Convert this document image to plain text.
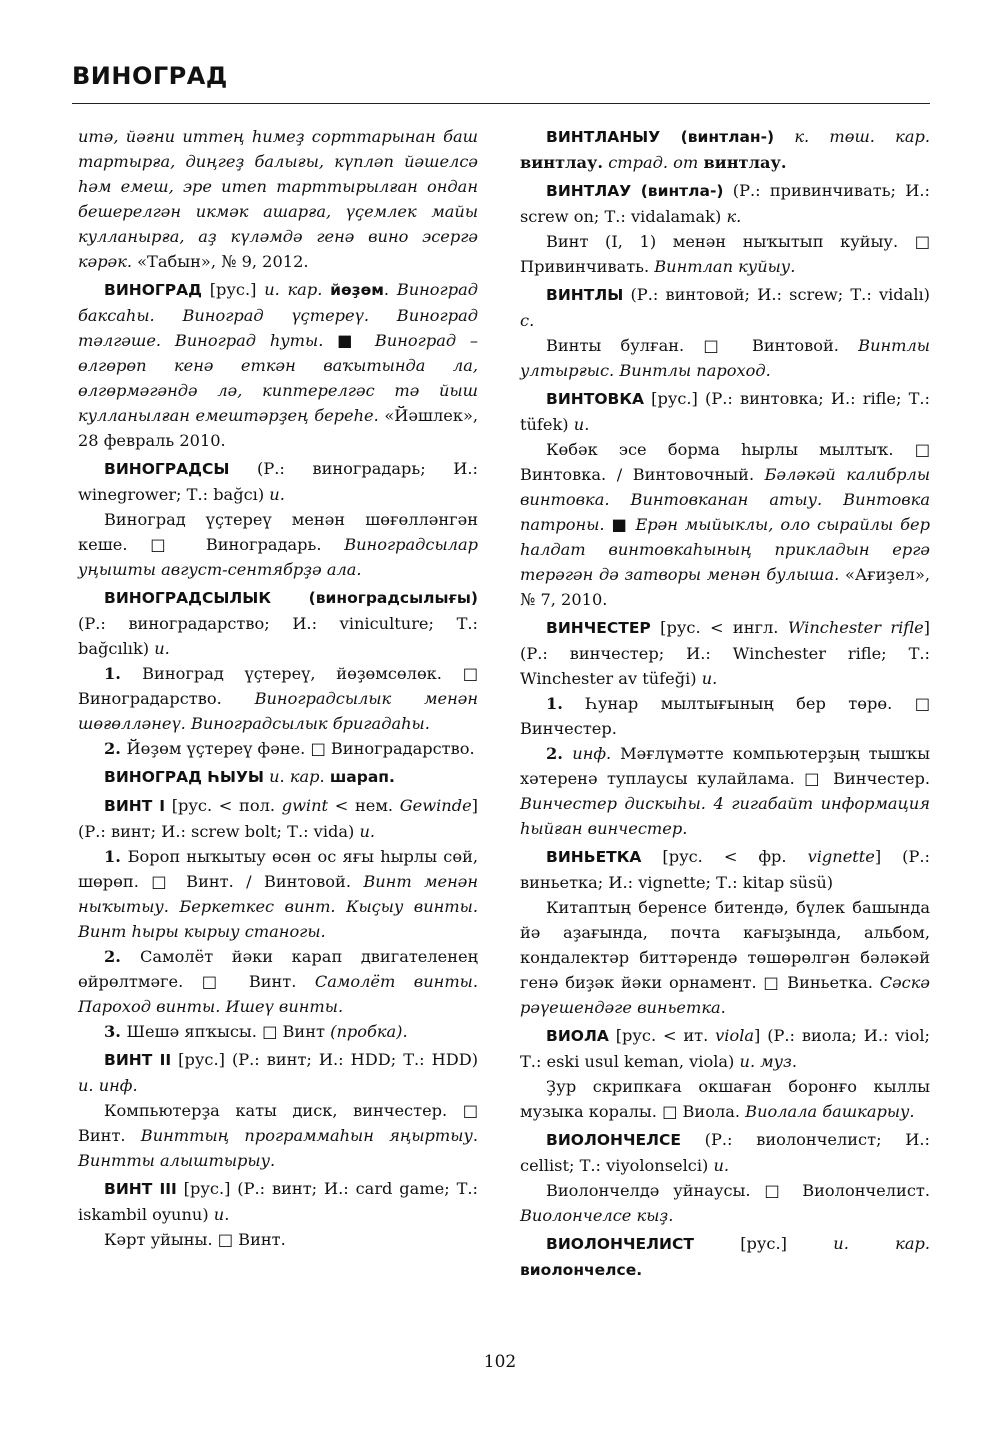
ВИНОГРАД

итә, йәғни иттең һимеҙ сорттарынан баш тартырға, диңгеҙ балығы, күпләп йәшелсә һәм емеш, эре итеп тарттырылған ондан бешерелгән икмәк ашарға, үҫемлек майы кулланырға, аҙ күләмдә генә вино эсергә кәрәк. «Табын», № 9, 2012.

ВИНОГРАД [рус.] и. кар. йөҙөм. Виноград баксаһы. Виноград үҫтереү. Виноград тәлгәше. Виноград һуты. ■ Виноград – өлгөрөп кенә еткән ваҡытында ла, өлгөрмәгәндә лә, киптерелгәс тә йыш кулланылған емештәрҙең береһе. «Йәшлек», 28 февраль 2010.

ВИНОГРАДСЫ (Р.: виноградарь; И.: winegrower; Т.: bağcı) и.

Виноград үҫтереү менән шөғөлләнгән кеше. □ Виноградарь. Виноградсылар уңышты август-сентябрҙә ала.

ВИНОГРАДСЫЛЫК (виноградсылығы) (Р.: виноградарство; И.: viniculture; Т.: bağcılık) и.

1. Виноград үҫтереү, йөҙөмсөлөк. □ Виноградарство. Виноградсылык менән шөғөлләнеү. Виноградсылык бригадаһы.

2. Йөҙөм үҫтереү фәне. □ Виноградарство.

ВИНОГРАД ҺЫУЫ и. кар. шарап.

ВИНТ I [рус. < пол. gwint < нем. Gewinde] (Р.: винт; И.: screw bolt; Т.: vida) и.

1. Бороп ныҡытыу өсөн ос яғы һырлы сөй, шөрөп. □ Винт. / Винтовой. Винт менән ныҡытыу. Беркеткес винт. Кыҫыу винты. Винт һыры кырыу станогы.

2. Самолёт йәки карап двигателенең өйрөлтмәге. □ Винт. Самолёт винты. Пароход винты. Ишеү винты.

3. Шешә япҡысы. □ Винт (пробка).

ВИНТ II [рус.] (Р.: винт; И.: HDD; Т.: HDD) и. инф.

Компьютерҙа каты диск, винчестер. □ Винт. Винттың программаһын яңыртыу. Винтты алыштырыу.

ВИНТ III [рус.] (Р.: винт; И.: card game; Т.: iskambil oyunu) и.

Кәрт уйыны. □ Винт.

ВИНТЛАНЫУ (винтлан-) к. төш. кар. винтлау. страд. от винтлау.

ВИНТЛАУ (винтла-) (Р.: привинчивать; И.: screw on; Т.: vidalamak) к.

Винт (I, 1) менән ныҡытып куйыу. □ Привинчивать. Винтлап куйыу.

ВИНТЛЫ (Р.: винтовой; И.: screw; Т.: vidalı) с.

Винты булған. □ Винтовой. Винтлы ултырғыс. Винтлы пароход.

ВИНТОВКА [рус.] (Р.: винтовка; И.: rifle; Т.: tüfek) и.

Көбәк эсе борма һырлы мылтыҡ. □ Винтовка. / Винтовочный. Бәләкәй калибрлы винтовка. Винтовканан атыу. Винтовка патроны. ■ Ерән мыйыклы, оло сырайлы бер һалдат винтовкаһының прикладын ергә терәгән дә затворы менән булыша. «Ағиҙел», № 7, 2010.

ВИНЧЕСТЕР [рус. < ингл. Winchester rifle] (Р.: винчестер; И.: Winchester rifle; Т.: Winchester av tüfeği) и.

1. Һунар мылтығының бер төрө. □ Винчестер.

2. инф. Мәғлүмәтте компьютерҙың тышҡы хәтеренә туплаусы кулайлама. □ Винчестер. Винчестер дискыһы. 4 гигабайт информация һыйған винчестер.

ВИНЬЕТКА [рус. < фр. vignette] (Р.: виньетка; И.: vignette; Т.: kitap süsü)

Китаптың беренсе битендә, бүлек башында йә аҙағында, почта кағыҙында, альбом, кондалектәр биттәрендә төшөрөлгән бәләкәй генә биҙәк йәки орнамент. □ Виньетка. Сәскә рәүешендәге виньетка.

ВИОЛА [рус. < ит. viola] (Р.: виола; И.: viol; Т.: eski usul keman, viola) и. муз.

Ҙур скрипкаға окшаған боронғо кыллы музыка коралы. □ Виола. Виолала башкарыу.

ВИОЛОНЧЕЛСЕ (Р.: виолончелист; И.: cellist; Т.: viyolonselci) и.

Виолончелдә уйнаусы. □ Виолончелист. Виолончелсе кыҙ.

ВИОЛОНЧЕЛИСТ [рус.] и. кар. виолончелсе.

102
